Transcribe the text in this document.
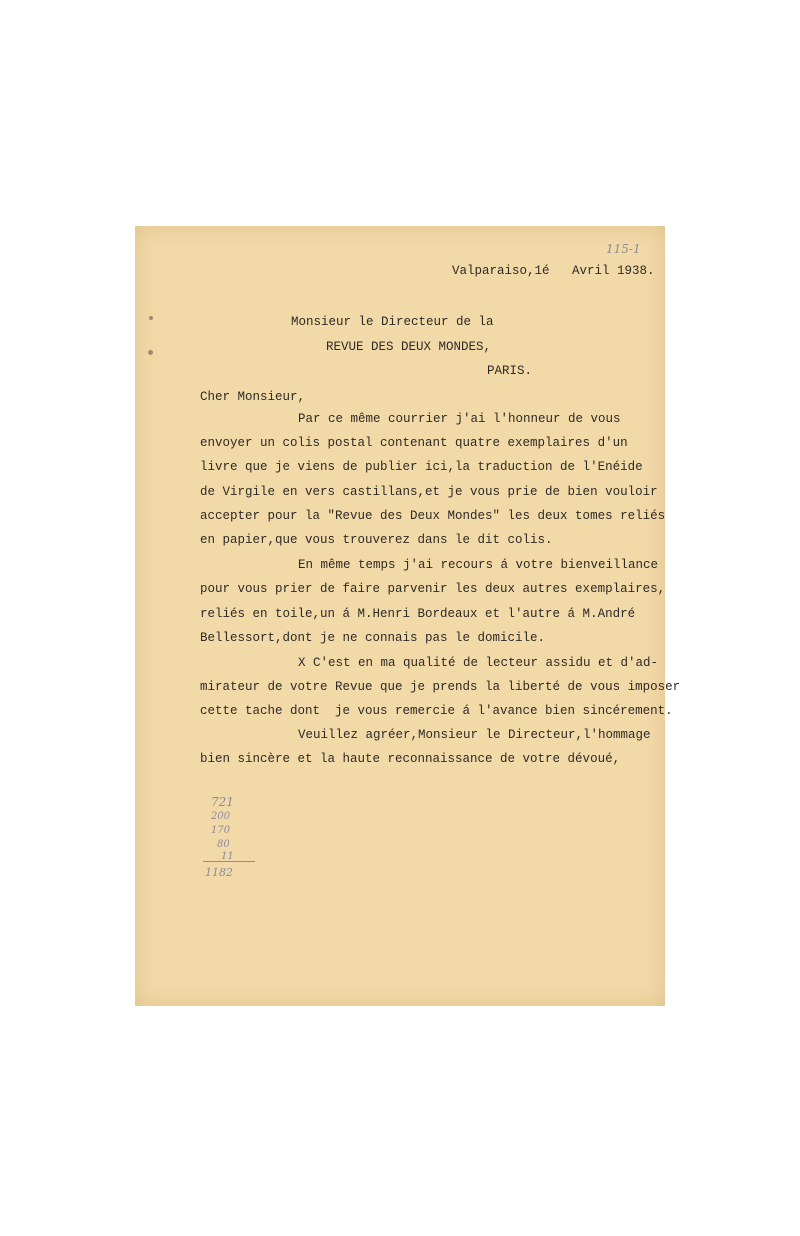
115-1
Valparaiso,1é   Avril 1938.
Monsieur le Directeur de la
REVUE DES DEUX MONDES,
PARIS.
Cher Monsieur,
Par ce même courrier j'ai l'honneur de vous
envoyer un colis postal contenant quatre exemplaires d'un
livre que je viens de publier ici,la traduction de l'Enéide
de Virgile en vers castillans,et je vous prie de bien vouloir
accepter pour la "Revue des Deux Mondes" les deux tomes reliés
en papier,que vous trouverez dans le dit colis.
En même temps j'ai recours á votre bienveillance
pour vous prier de faire parvenir les deux autres exemplaires,
reliés en toile,un á M.Henri Bordeaux et l'autre á M.André
Bellessort,dont je ne connais pas le domicile.
X C'est en ma qualité de lecteur assidu et d'ad-
mirateur de votre Revue que je prends la liberté de vous imposer
cette tache dont  je vous remercie á l'avance bien sincérement.
Veuillez agréer,Monsieur le Directeur,l'hommage
bien sincère et la haute reconnaissance de votre dévoué,
721
200
170
80
11
1182
